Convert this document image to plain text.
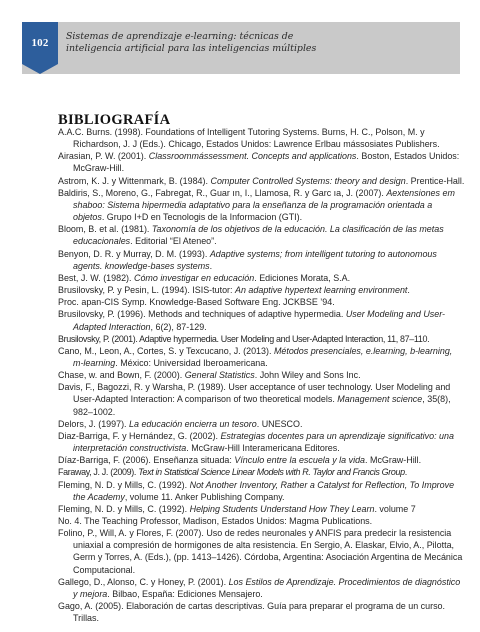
102
Sistemas de aprendizaje e-learning: técnicas de
inteligencia artificial para las inteligencias múltiples
BIBLIOGRAFÍA

A.A.C. Burns. (1998). Foundations of Intelligent Tutoring Systems. Burns, H. C., Polson, M. y Richardson, J. J (Eds.). Chicago, Estados Unidos: Lawrence Erlbau mássosiates Publishers.

Airasian, P. W. (2001). Classroommássessment. Concepts and applications. Boston, Estados Unidos: McGraw-Hill.

Astrom, K. J. y Wittenmark, B. (1984). Computer Controlled Systems: theory and design. Prentice-Hall.

Baldiris, S., Moreno, G., Fabregat, R., Guar ın, I., Llamosa, R. y Garc ıa, J. (2007). Aextensiones em shaboo: Sistema hipermedia adaptativo para la enseñanza de la programación orientada a objetos. Grupo I+D en Tecnologis de la Informacion (GTI).

Bloom, B. et al. (1981). Taxonomía de los objetivos de la educación. La clasificación de las metas educacionales. Editorial “El Ateneo”.

Benyon, D. R. y Murray, D. M. (1993). Adaptive systems; from intelligent tutoring to autonomous agents. knowledge-bases systems.

Best, J. W. (1982). Cómo investigar en educación. Ediciones Morata, S.A.

Brusilovsky, P. y Pesin, L. (1994). ISIS-tutor: An adaptive hypertext learning environment.

Proc. apan-CIS Symp. Knowledge-Based Software Eng. JCKBSE ’94.

Brusilovsky, P. (1996). Methods and techniques of adaptive hypermedia. User Modeling and User-Adapted Interaction, 6(2), 87-129.

Brusilovsky, P. (2001). Adaptive hypermedia. User Modeling and User-Adapted Interaction, 11, 87–110.

Cano, M., Leon, A., Cortes, S. y Texcucano, J. (2013). Métodos presenciales, e.learning, b-learning, m-learning. México: Universidad Iberoamericana.

Chase, w. and Bown, F. (2000). General Statistics. John Wiley and Sons Inc.

Davis, F., Bagozzi, R. y Warsha, P. (1989). User acceptance of user technology. User Modeling and User-Adapted Interaction: A comparison of two theoretical models. Management science, 35(8), 982–1002.

Delors, J. (1997). La educación encierra un tesoro. UNESCO.

Diaz-Barriga, F. y Hernández, G. (2002). Estrategias docentes para un aprendizaje significativo: una interpretación constructivista. McGraw-Hill Interamericana Editores.

Díaz-Barriga, F. (2006). Enseñanza situada: Vínculo entre la escuela y la vida. McGraw-Hill.

Faraway, J. J. (2009). Text in Statistical Science Linear Models with R. Taylor and Francis Group.

Fleming, N. D. y Mills, C. (1992). Not Another Inventory, Rather a Catalyst for Reflection, To Improve the Academy, volume 11. Anker Publishing Company.

Fleming, N. D. y Mills, C. (1992). Helping Students Understand How They Learn. volume 7

No. 4. The Teaching Professor, Madison, Estados Unidos: Magma Publications.

Folino, P., Will, A. y Flores, F. (2007). Uso de redes neuronales y ANFIS para predecir la resistencia uniaxial a compresión de hormigones de alta resistencia. En Sergio, A. Elaskar, Elvio, A., Pilotta, Germ y Torres, A. (Eds.), (pp. 1413–1426). Córdoba, Argentina: Asociación Argentina de Mecánica Computacional.

Gallego, D., Alonso, C. y Honey, P. (2001). Los Estilos de Aprendizaje. Procedimientos de diagnóstico y mejora. Bilbao, España: Ediciones Mensajero.

Gago, A. (2005). Elaboración de cartas descriptivas. Guía para preparar el programa de un curso. Trillas.
